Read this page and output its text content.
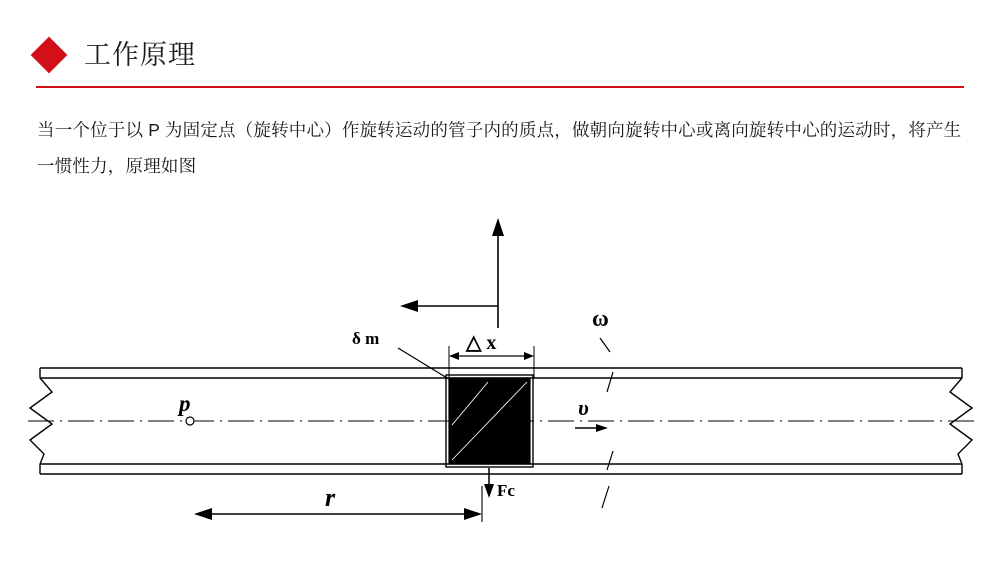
工作原理
当一个位于以 P 为固定点（旋转中心）作旋转运动的管子内的质点，做朝向旋转中心或离向旋转中心的运动时，将产生一惯性力，原理如图
p
δ m	△ x
ω
υ
Fc
r
